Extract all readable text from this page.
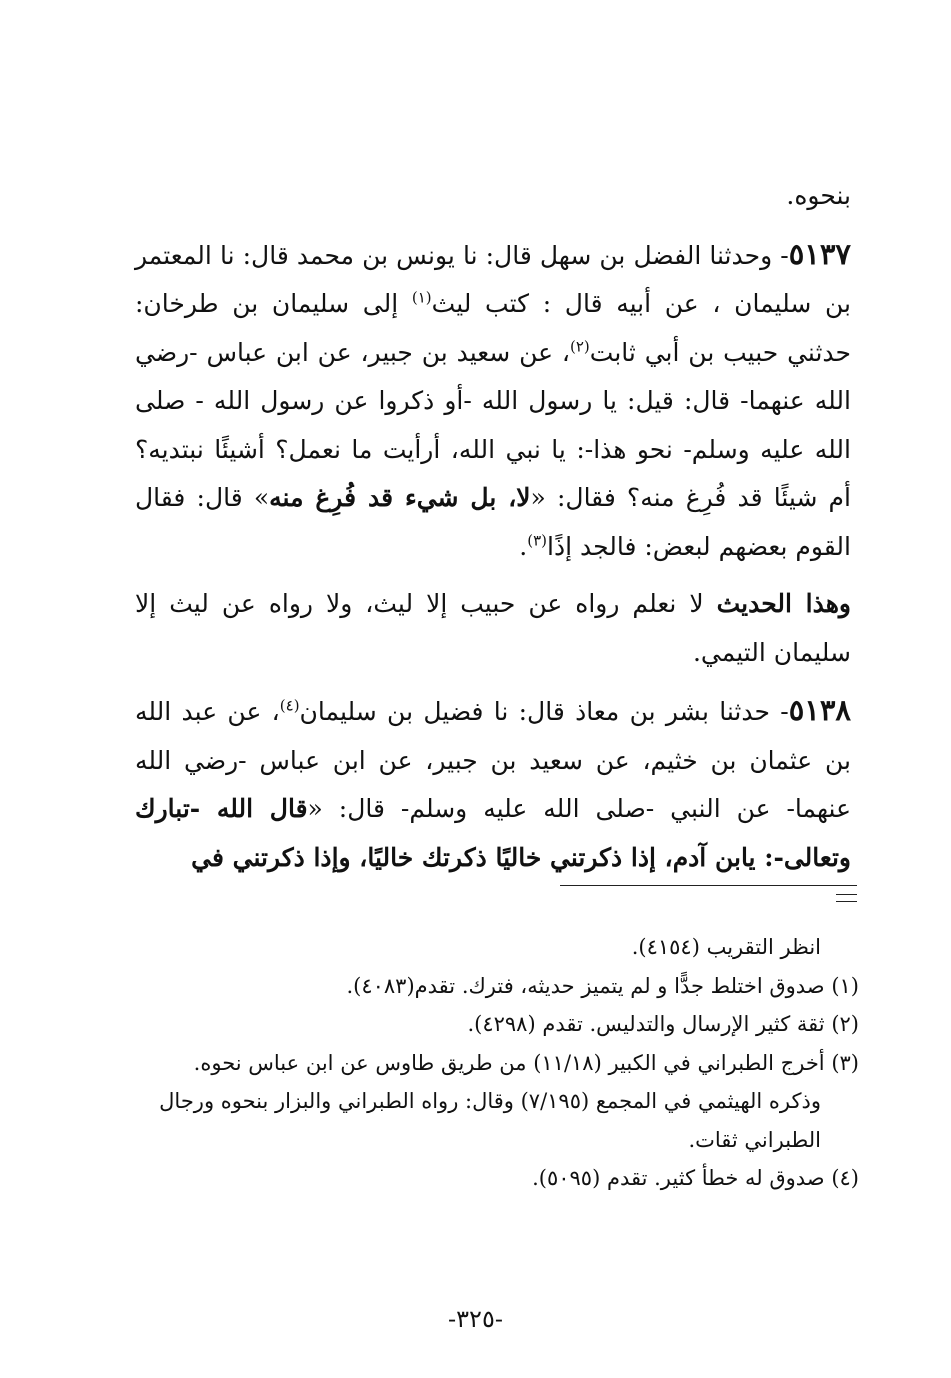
بنحوه.

٥١٣٧- وحدثنا الفضل بن سهل قال: نا يونس بن محمد قال: نا المعتمر بن سليمان ، عن أبيه قال : كتب ليث$^{(١)}$ إلى سليمان بن طرخان: حدثني حبيب بن أبي ثابت$^{(٢)}$، عن سعيد بن جبير، عن ابن عباس -رضي الله عنهما- قال: قيل: يا رسول الله -أو ذكروا عن رسول الله - صلى الله عليه وسلم- نحو هذا-: يا نبي الله، أرأيت ما نعمل؟ أشيئًا نبتديه؟ أم شيئًا قد فُرِغ منه؟ فقال: «لا، بل شيء قد فُرِغ منه» قال: فقال القوم بعضهم لبعض: فالجد إذًا$^{(٣)}$.

وهذا الحديث لا نعلم رواه عن حبيب إلا ليث، ولا رواه عن ليث إلا سليمان التيمي.

٥١٣٨- حدثنا بشر بن معاذ قال: نا فضيل بن سليمان$^{(٤)}$، عن عبد الله بن عثمان بن خثيم، عن سعيد بن جبير، عن ابن عباس -رضي الله عنهما- عن النبي -صلى الله عليه وسلم- قال: «قال الله -تبارك وتعالى-: يابن آدم، إذا ذكرتني خاليًا ذكرتك خاليًا، وإذا ذكرتني في

انظر التقريب (٤١٥٤).

(١) صدوق اختلط جدًّا و لم يتميز حديثه، فترك. تقدم(٤٠٨٣).

(٢) ثقة كثير الإرسال والتدليس. تقدم (٤٢٩٨).

(٣) أخرج الطبراني في الكبير (١١/١٨) من طريق طاوس عن ابن عباس نحوه.

وذكره الهيثمي في المجمع (٧/١٩٥) وقال: رواه الطبراني والبزار بنحوه ورجال الطبراني ثقات.

(٤) صدوق له خطأ كثير. تقدم (٥٠٩٥).

-٣٢٥-
